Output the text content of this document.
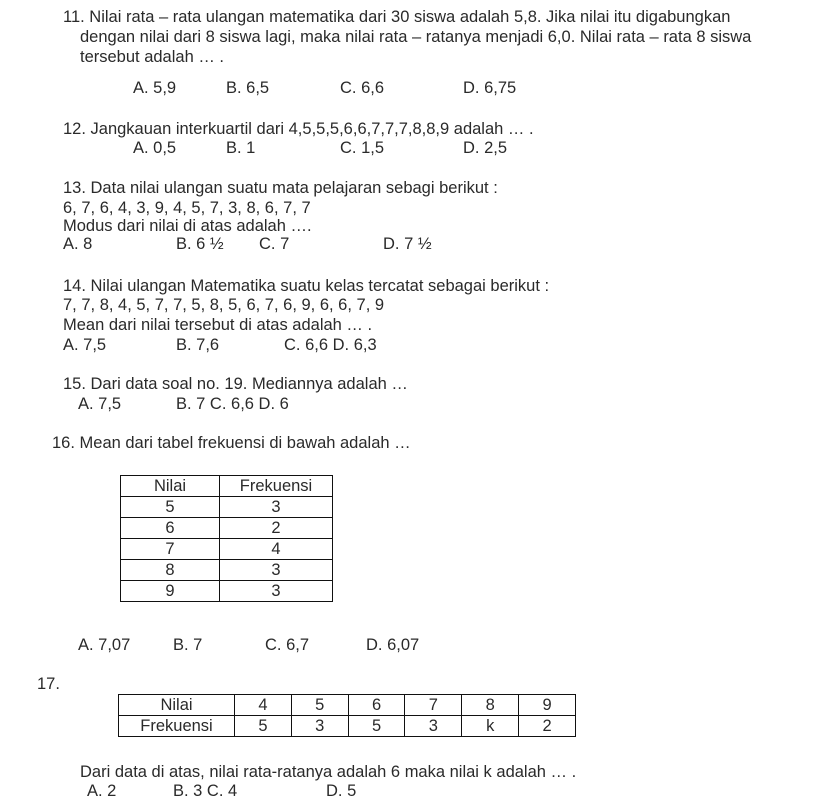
11. Nilai rata – rata ulangan matematika dari 30 siswa adalah 5,8. Jika nilai itu digabungkan
dengan nilai dari 8 siswa lagi, maka nilai rata – ratanya menjadi 6,0. Nilai rata – rata 8 siswa
tersebut adalah … .
A. 5,9	B. 6,5	C. 6,6	D. 6,75
12. Jangkauan interkuartil dari 4,5,5,5,6,6,7,7,7,8,8,9 adalah … .
A. 0,5	B. 1	C. 1,5	D. 2,5
13. Data nilai ulangan suatu mata pelajaran sebagi berikut :
6, 7, 6, 4, 3, 9, 4, 5, 7, 3, 8, 6, 7, 7
Modus dari nilai di atas adalah ….
A. 8	B. 6 ½ C. 7	D. 7 ½
14. Nilai ulangan Matematika suatu kelas tercatat sebagai berikut :
7, 7, 8, 4, 5, 7, 7, 5, 8, 5, 6, 7, 6, 9, 6, 6, 7, 9
Mean dari nilai tersebut di atas adalah … .
A. 7,5	B. 7,6	C. 6,6 D. 6,3
15. Dari data soal no. 19. Mediannya adalah …
A. 7,5	B. 7 C. 6,6 D. 6
16. Mean dari tabel frekuensi di bawah adalah …
Nilai	Frekuensi
5	3
6	2
7	4
8	3
9	3
A. 7,07	B. 7	C. 6,7	D. 6,07
17.
Nilai	4	5	6	7	8	9
Frekuensi	5	3	5	3	k	2
Dari data di atas, nilai rata-ratanya adalah 6 maka nilai k adalah … .
A. 2	B. 3 C. 4	D. 5
